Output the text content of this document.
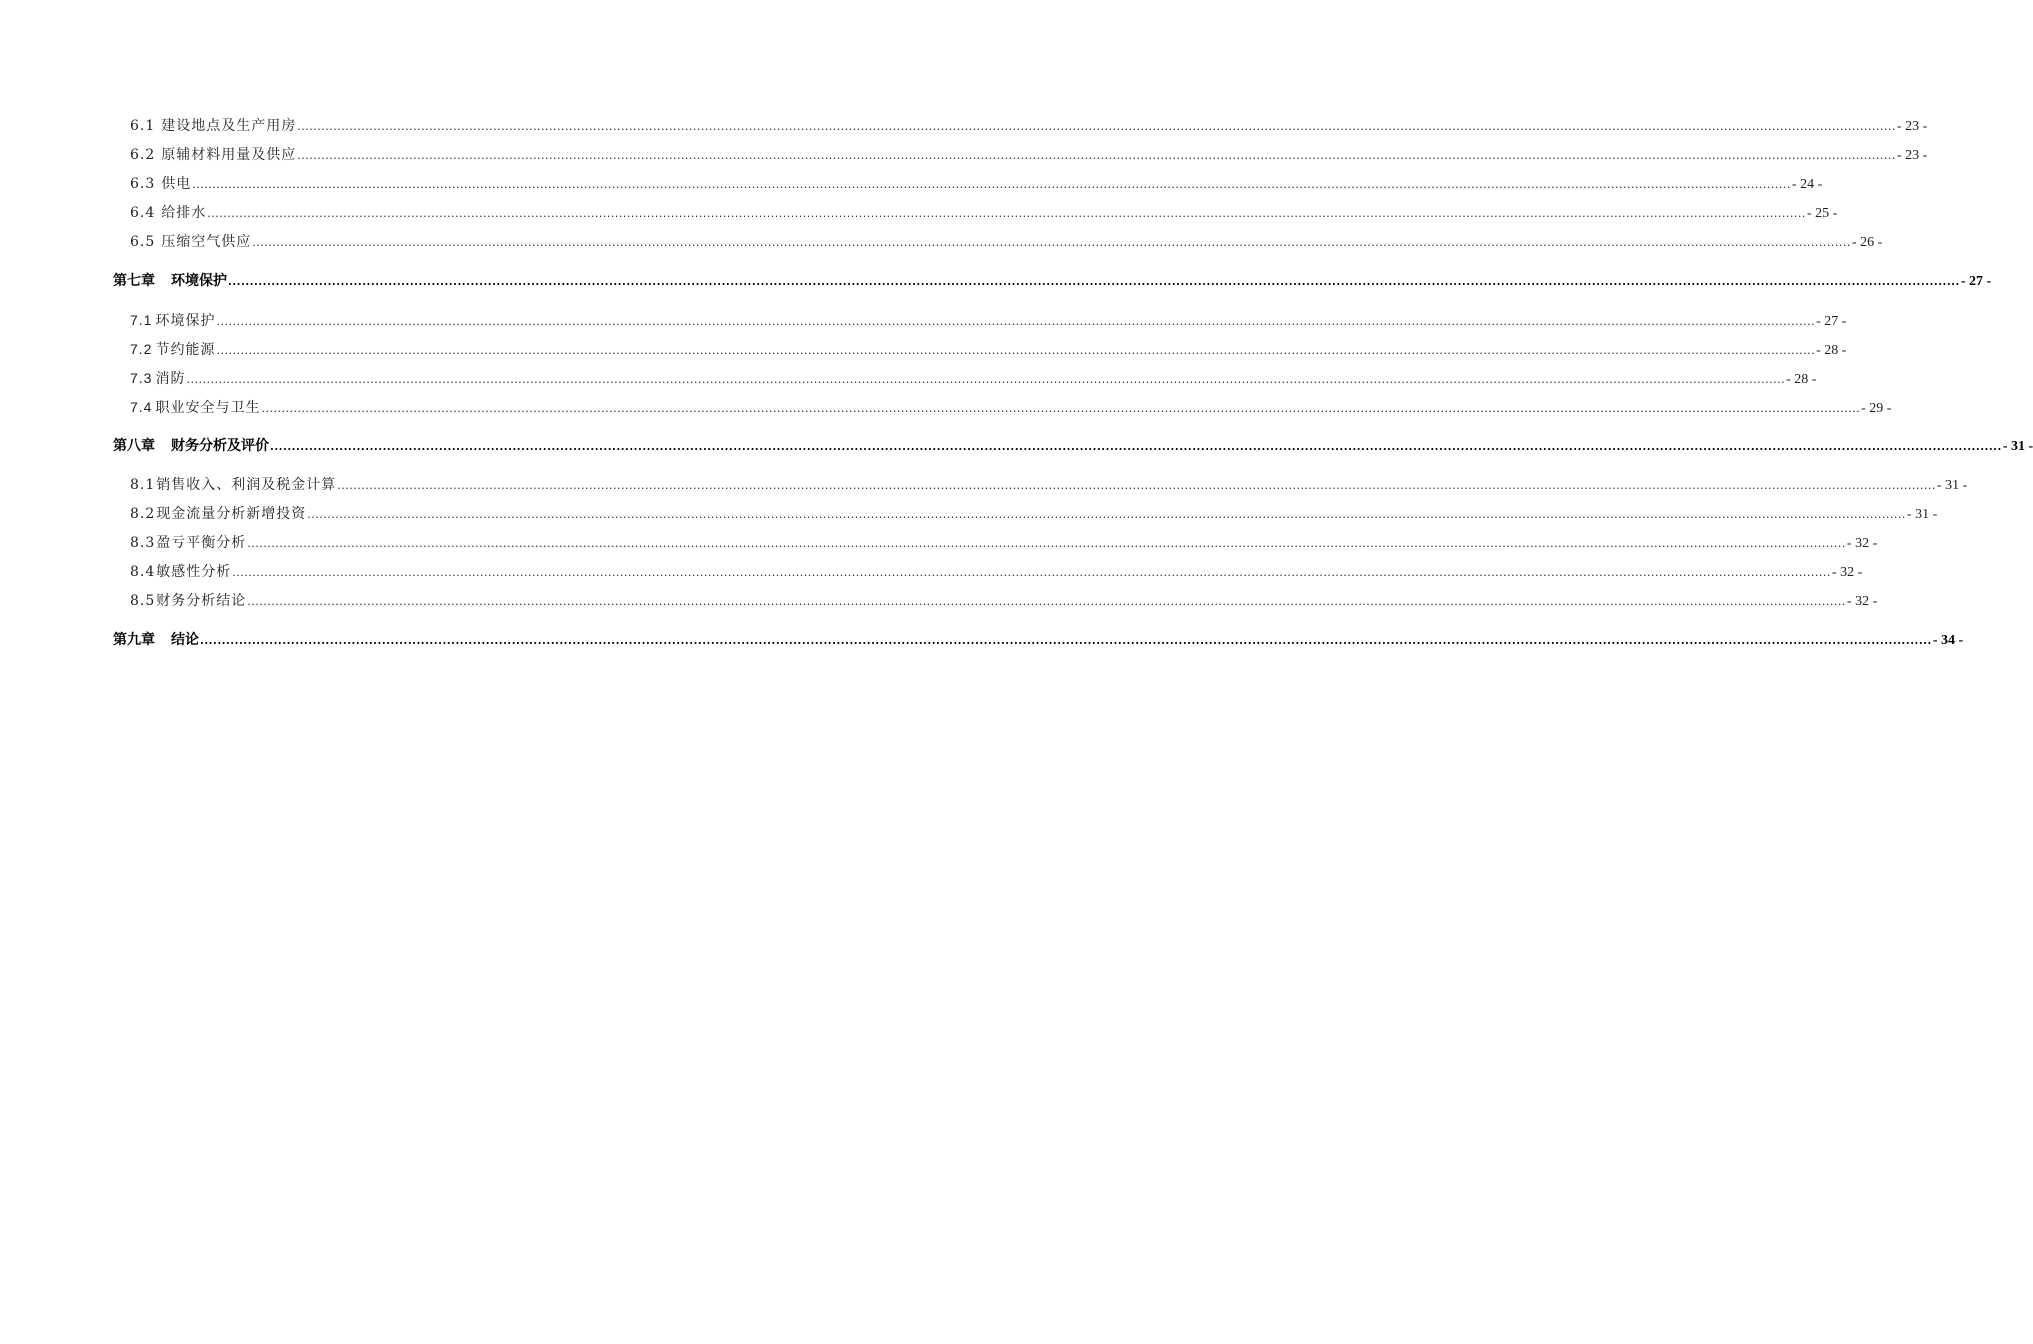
6.1 建设地点及生产用房 ................................................................................................................................................................................................................................................................................................................................................................................................................ - 23 -
6.2 原辅材料用量及供应 ................................................................................................................................................................................................................................................................................................................................................................................................................ - 23 -
6.3 供电 ................................................................................................................................................................................................................................................................................................................................................................................................................ - 24 -
6.4 给排水 ................................................................................................................................................................................................................................................................................................................................................................................................................ - 25 -
6.5 压缩空气供应 ................................................................................................................................................................................................................................................................................................................................................................................................................ - 26 -
第七章 环境保护 ................................................................................................................................................................................................................................................................................................................................................................................................................ - 27 -
7.1 环境保护 ................................................................................................................................................................................................................................................................................................................................................................................................................ - 27 -
7.2 节约能源 ................................................................................................................................................................................................................................................................................................................................................................................................................ - 28 -
7.3 消防 ................................................................................................................................................................................................................................................................................................................................................................................................................ - 28 -
7.4 职业安全与卫生 ................................................................................................................................................................................................................................................................................................................................................................................................................ - 29 -
第八章 财务分析及评价 ................................................................................................................................................................................................................................................................................................................................................................................................................ - 31 -
8.1销售收入、利润及税金计算 ................................................................................................................................................................................................................................................................................................................................................................................................................ - 31 -
8.2现金流量分析新增投资 ................................................................................................................................................................................................................................................................................................................................................................................................................ - 31 -
8.3盈亏平衡分析 ................................................................................................................................................................................................................................................................................................................................................................................................................ - 32 -
8.4敏感性分析 ................................................................................................................................................................................................................................................................................................................................................................................................................ - 32 -
8.5财务分析结论 ................................................................................................................................................................................................................................................................................................................................................................................................................ - 32 -
第九章 结论 ................................................................................................................................................................................................................................................................................................................................................................................................................ - 34 -
